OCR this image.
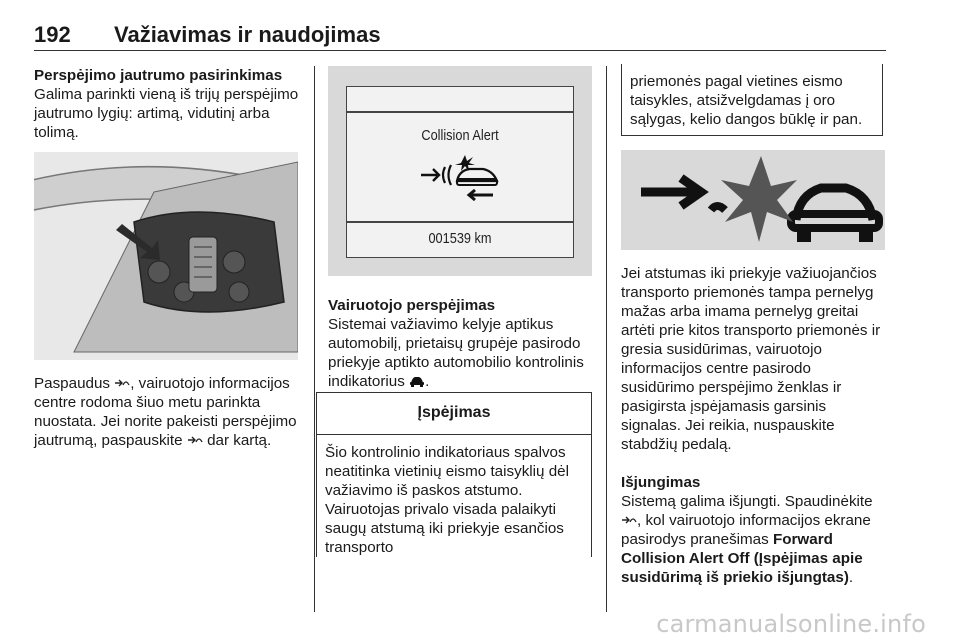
192 Važiavimas ir naudojimas

Perspėjimo jautrumo pasirinkimas

Galima parinkti vieną iš trijų perspėjimo jautrumo lygių: artimą, vidutinį arba tolimą.

Paspaudus , vairuotojo informacijos centre rodoma šiuo metu parinkta nuostata. Jei norite pakeisti perspėjimo jautrumą, paspauskite dar kartą.

Collision Alert
001539 km

Vairuotojo perspėjimas

Sistemai važiavimo kelyje aptikus automobilį, prietaisų grupėje pasirodo priekyje aptikto automobilio kontrolinis indikatorius .

Įspėjimas
Šio kontrolinio indikatoriaus spalvos neatitinka vietinių eismo taisyklių dėl važiavimo iš paskos atstumo. Vairuotojas privalo visada palaikyti saugų atstumą iki priekyje esančios transporto
priemonės pagal vietines eismo taisykles, atsižvelgdamas į oro sąlygas, kelio dangos būklę ir pan.

Jei atstumas iki priekyje važiuojančios transporto priemonės tampa pernelyg mažas arba imama pernelyg greitai artėti prie kitos transporto priemonės ir gresia susidūrimas, vairuotojo informacijos centre pasirodo susidūrimo perspėjimo ženklas ir pasigirsta įspėjamasis garsinis signalas. Jei reikia, nuspauskite stabdžių pedalą.

Išjungimas

Sistemą galima išjungti. Spaudinėkite , kol vairuotojo informacijos ekrane pasirodys pranešimas Forward Collision Alert Off (Įspėjimas apie susidūrimą iš priekio išjungtas).

carmanualsonline.info
